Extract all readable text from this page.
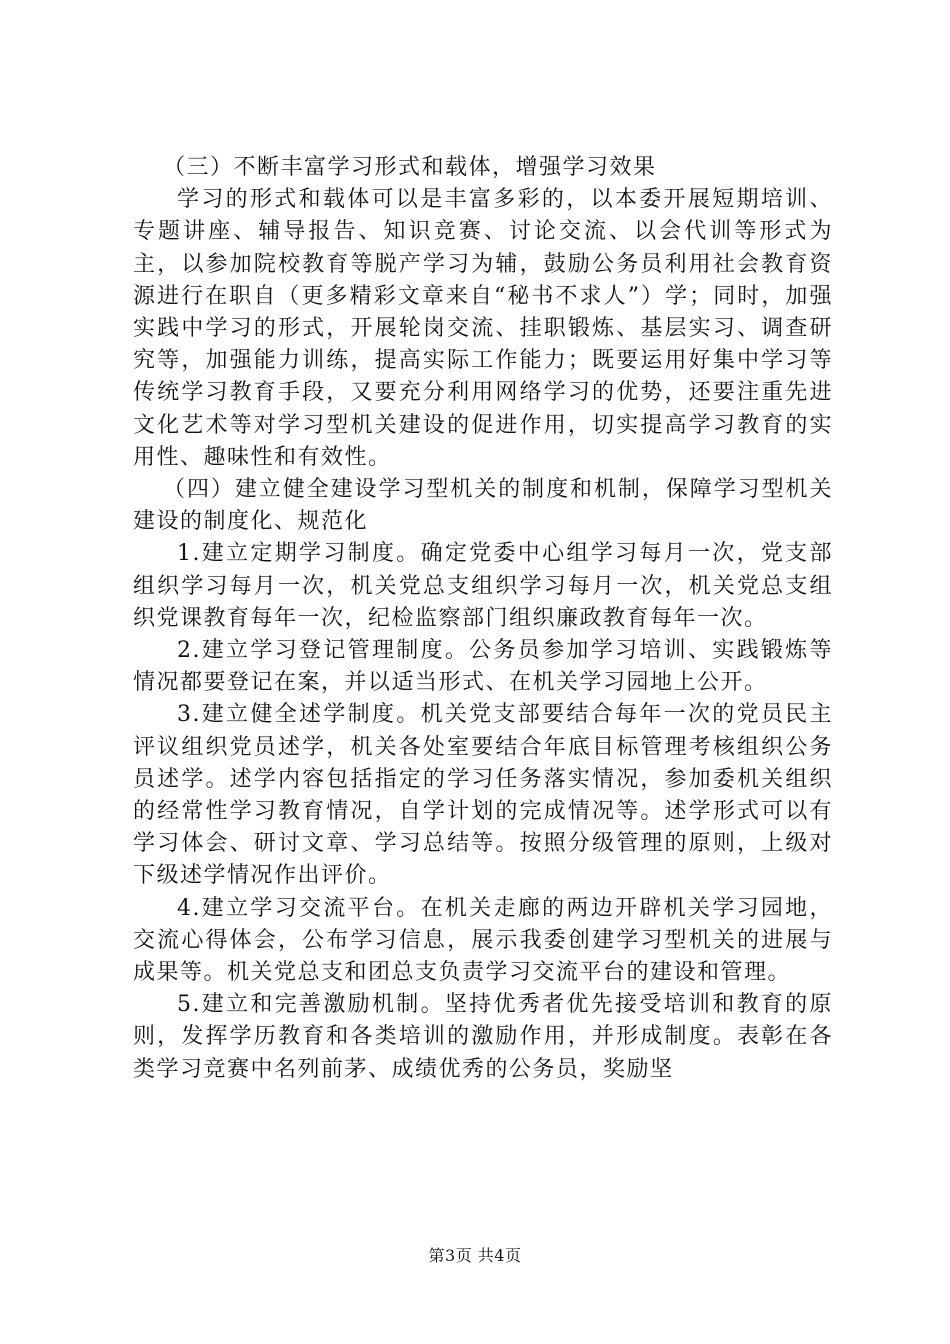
（三）不断丰富学习形式和载体，增强学习效果

学习的形式和载体可以是丰富多彩的，以本委开展短期培训、专题讲座、辅导报告、知识竞赛、讨论交流、以会代训等形式为主，以参加院校教育等脱产学习为辅，鼓励公务员利用社会教育资源进行在职自（更多精彩文章来自“秘书不求人”）学；同时，加强实践中学习的形式，开展轮岗交流、挂职锻炼、基层实习、调查研究等，加强能力训练，提高实际工作能力；既要运用好集中学习等传统学习教育手段，又要充分利用网络学习的优势，还要注重先进文化艺术等对学习型机关建设的促进作用，切实提高学习教育的实用性、趣味性和有效性。

（四）建立健全建设学习型机关的制度和机制，保障学习型机关建设的制度化、规范化

1.建立定期学习制度。确定党委中心组学习每月一次，党支部组织学习每月一次，机关党总支组织学习每月一次，机关党总支组织党课教育每年一次，纪检监察部门组织廉政教育每年一次。

2.建立学习登记管理制度。公务员参加学习培训、实践锻炼等情况都要登记在案，并以适当形式、在机关学习园地上公开。

3.建立健全述学制度。机关党支部要结合每年一次的党员民主评议组织党员述学，机关各处室要结合年底目标管理考核组织公务员述学。述学内容包括指定的学习任务落实情况，参加委机关组织的经常性学习教育情况，自学计划的完成情况等。述学形式可以有学习体会、研讨文章、学习总结等。按照分级管理的原则，上级对下级述学情况作出评价。

4.建立学习交流平台。在机关走廊的两边开辟机关学习园地，交流心得体会，公布学习信息，展示我委创建学习型机关的进展与成果等。机关党总支和团总支负责学习交流平台的建设和管理。

5.建立和完善激励机制。坚持优秀者优先接受培训和教育的原则，发挥学历教育和各类培训的激励作用，并形成制度。表彰在各类学习竞赛中名列前茅、成绩优秀的公务员，奖励坚

第3页 共4页
